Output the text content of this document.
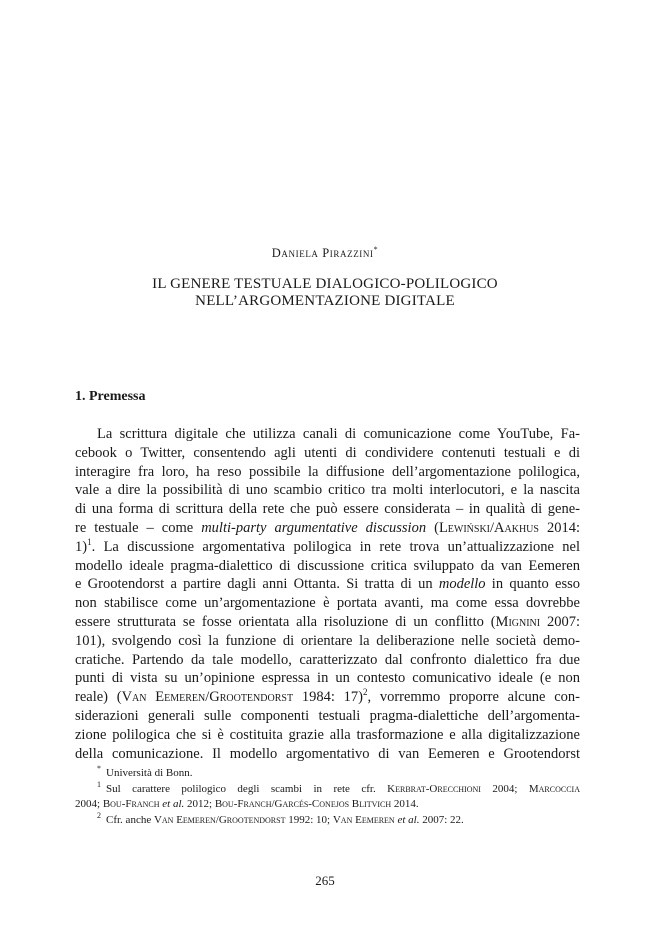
Daniela Pirazzini*
IL GENERE TESTUALE DIALOGICO-POLILOGICO
NELL’ARGOMENTAZIONE DIGITALE
1. Premessa
La scrittura digitale che utilizza canali di comunicazione come YouTube, Fa-
cebook o Twitter, consentendo agli utenti di condividere contenuti testuali e di
interagire fra loro, ha reso possibile la diffusione dell’argomentazione polilogica,
vale a dire la possibilità di uno scambio critico tra molti interlocutori, e la nascita
di una forma di scrittura della rete che può essere considerata – in qualità di gene-
re testuale – come multi-party argumentative discussion (Lewiński/Aakhus 2014:
1)$^1$. La discussione argomentativa polilogica in rete trova un’attualizzazione nel
modello ideale pragma-dialettico di discussione critica sviluppato da van Eemeren
e Grootendorst a partire dagli anni Ottanta. Si tratta di un modello in quanto esso
non stabilisce come un’argomentazione è portata avanti, ma come essa dovrebbe
essere strutturata se fosse orientata alla risoluzione di un conflitto (Mignini 2007:
101), svolgendo così la funzione di orientare la deliberazione nelle società demo-
cratiche. Partendo da tale modello, caratterizzato dal confronto dialettico fra due
punti di vista su un’opinione espressa in un contesto comunicativo ideale (e non
reale) (Van Eemeren/Grootendorst 1984: 17)$^2$, vorremmo proporre alcune con-
siderazioni generali sulle componenti testuali pragma-dialettiche dell’argomenta-
zione polilogica che si è costituita grazie alla trasformazione e alla digitalizzazione
della comunicazione. Il modello argomentativo di van Eemeren e Grootendorst
* Università di Bonn.
$^1$ Sul carattere polilogico degli scambi in rete cfr. Kerbrat-Orecchioni 2004; Marcoccia
2004; Bou-Franch et al. 2012; Bou-Franch/Garcés-Conejos Blitvich 2014.
$^2$ Cfr. anche Van Eemeren/Grootendorst 1992: 10; Van Eemeren et al. 2007: 22.
265
